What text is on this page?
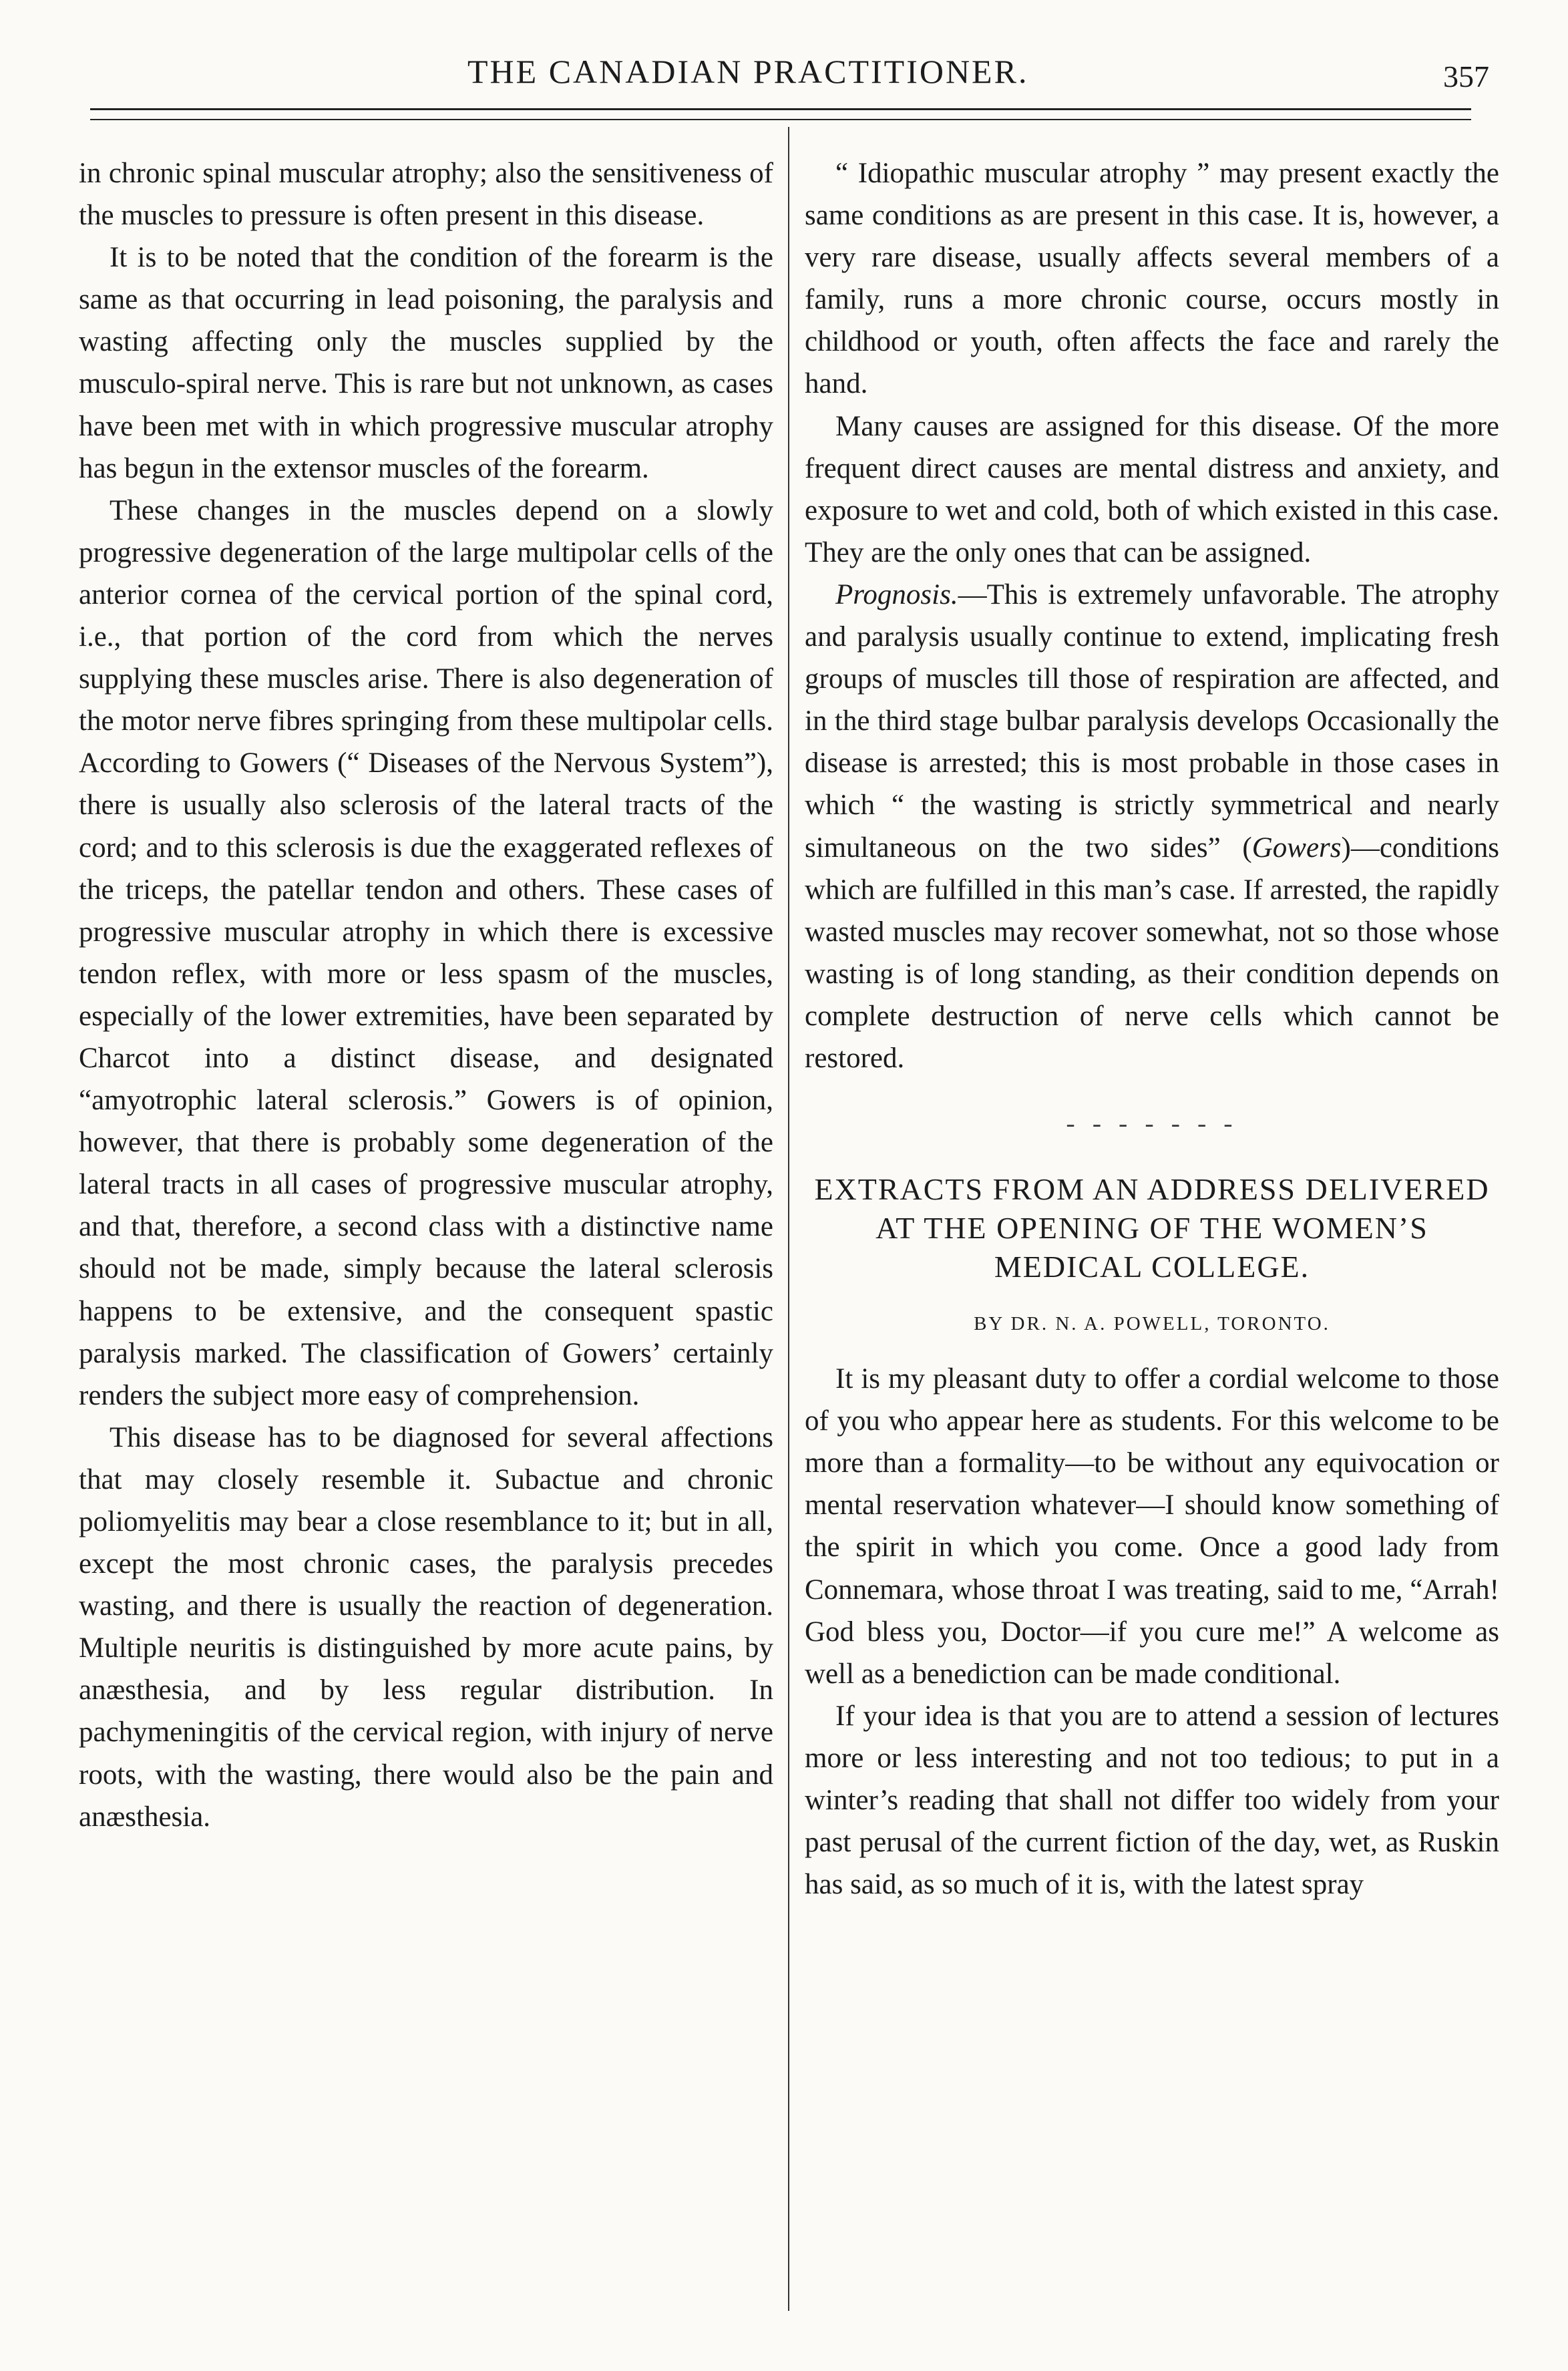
THE CANADIAN PRACTITIONER.	357

in chronic spinal muscular atrophy; also the sensitiveness of the muscles to pressure is often present in this disease.

It is to be noted that the condition of the forearm is the same as that occurring in lead poisoning, the paralysis and wasting affecting only the muscles supplied by the musculo-spiral nerve. This is rare but not unknown, as cases have been met with in which progressive muscular atrophy has begun in the extensor muscles of the forearm.

These changes in the muscles depend on a slowly progressive degeneration of the large multipolar cells of the anterior cornea of the cervical portion of the spinal cord, i.e., that portion of the cord from which the nerves supplying these muscles arise. There is also degeneration of the motor nerve fibres springing from these multipolar cells. According to Gowers (“ Diseases of the Nervous System”), there is usually also sclerosis of the lateral tracts of the cord; and to this sclerosis is due the exaggerated reflexes of the triceps, the patellar tendon and others. These cases of progressive muscular atrophy in which there is excessive tendon reflex, with more or less spasm of the muscles, especially of the lower extremities, have been separated by Charcot into a distinct disease, and designated “amyotrophic lateral sclerosis.” Gowers is of opinion, however, that there is probably some degeneration of the lateral tracts in all cases of progressive muscular atrophy, and that, therefore, a second class with a distinctive name should not be made, simply because the lateral sclerosis happens to be extensive, and the consequent spastic paralysis marked. The classification of Gowers’ certainly renders the subject more easy of comprehension.

This disease has to be diagnosed for several affections that may closely resemble it. Subactue and chronic poliomyelitis may bear a close resemblance to it; but in all, except the most chronic cases, the paralysis precedes wasting, and there is usually the reaction of degeneration. Multiple neuritis is distinguished by more acute pains, by anæsthesia, and by less regular distribution. In pachymeningitis of the cervical region, with injury of nerve roots, with the wasting, there would also be the pain and anæsthesia.

“ Idiopathic muscular atrophy ” may present exactly the same conditions as are present in this case. It is, however, a very rare disease, usually affects several members of a family, runs a more chronic course, occurs mostly in childhood or youth, often affects the face and rarely the hand.

Many causes are assigned for this disease. Of the more frequent direct causes are mental distress and anxiety, and exposure to wet and cold, both of which existed in this case. They are the only ones that can be assigned.

Prognosis.—This is extremely unfavorable. The atrophy and paralysis usually continue to extend, implicating fresh groups of muscles till those of respiration are affected, and in the third stage bulbar paralysis develops Occasionally the disease is arrested; this is most probable in those cases in which “ the wasting is strictly symmetrical and nearly simultaneous on the two sides” (Gowers)—conditions which are fulfilled in this man’s case. If arrested, the rapidly wasted muscles may recover somewhat, not so those whose wasting is of long standing, as their condition depends on complete destruction of nerve cells which cannot be restored.

- - - - - - -
EXTRACTS FROM AN ADDRESS DELIVERED AT THE OPENING OF THE WOMEN’S MEDICAL COLLEGE.
BY DR. N. A. POWELL, TORONTO.

It is my pleasant duty to offer a cordial welcome to those of you who appear here as students. For this welcome to be more than a formality—to be without any equivocation or mental reservation whatever—I should know something of the spirit in which you come. Once a good lady from Connemara, whose throat I was treating, said to me, “Arrah! God bless you, Doctor—if you cure me!” A welcome as well as a benediction can be made conditional.

If your idea is that you are to attend a session of lectures more or less interesting and not too tedious; to put in a winter’s reading that shall not differ too widely from your past perusal of the current fiction of the day, wet, as Ruskin has said, as so much of it is, with the latest spray
